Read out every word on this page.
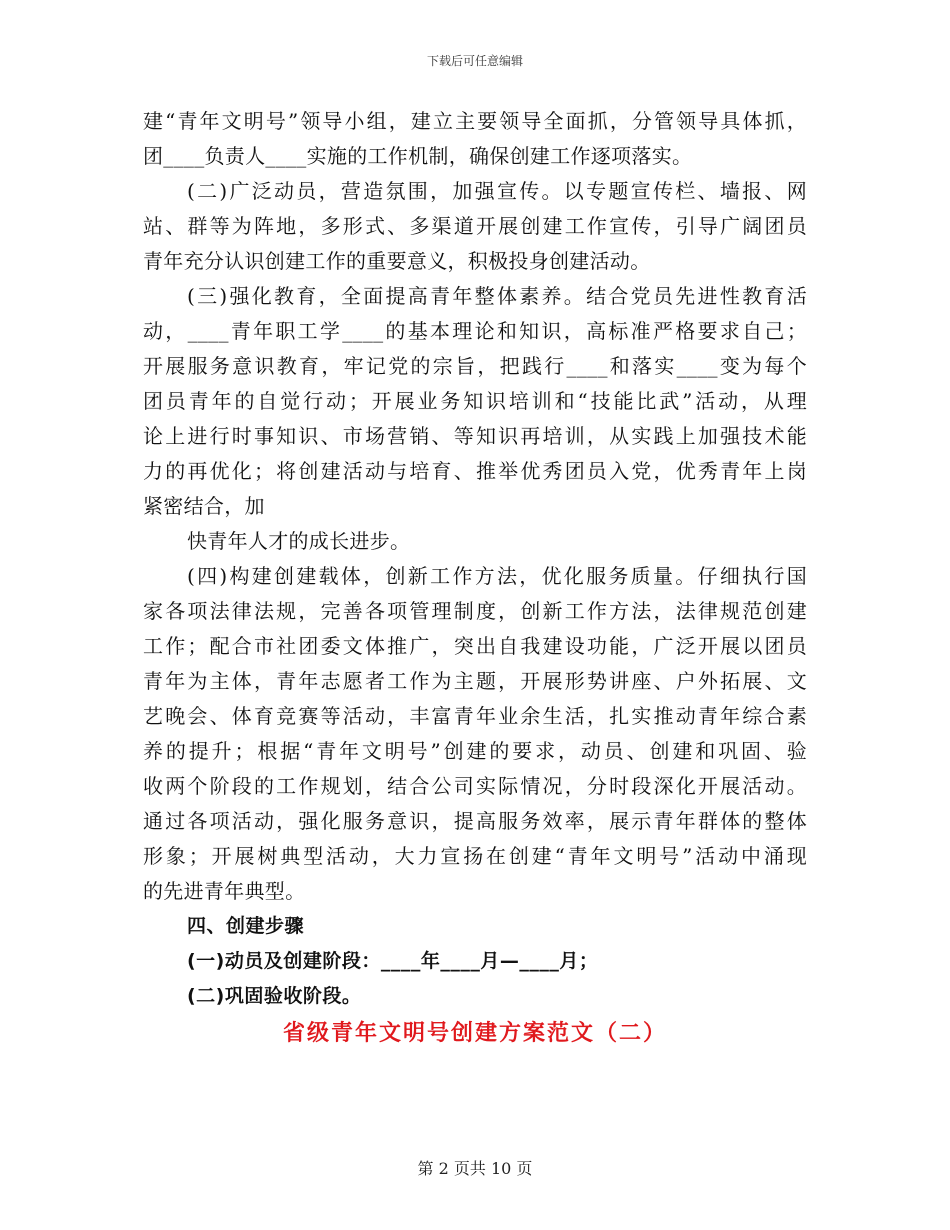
下载后可任意编辑
建“青年文明号”领导小组，建立主要领导全面抓，分管领导具体抓，
团____负责人____实施的工作机制，确保创建工作逐项落实。
(二)广泛动员，营造氛围，加强宣传。以专题宣传栏、墙报、网
站、群等为阵地，多形式、多渠道开展创建工作宣传，引导广阔团员
青年充分认识创建工作的重要意义，积极投身创建活动。
(三)强化教育，全面提高青年整体素养。结合党员先进性教育活
动，____青年职工学____的基本理论和知识，高标准严格要求自己；
开展服务意识教育，牢记党的宗旨，把践行____和落实____变为每个
团员青年的自觉行动；开展业务知识培训和“技能比武”活动，从理
论上进行时事知识、市场营销、等知识再培训，从实践上加强技术能
力的再优化；将创建活动与培育、推举优秀团员入党，优秀青年上岗
紧密结合，加
快青年人才的成长进步。
(四)构建创建载体，创新工作方法，优化服务质量。仔细执行国
家各项法律法规，完善各项管理制度，创新工作方法，法律规范创建
工作；配合市社团委文体推广，突出自我建设功能，广泛开展以团员
青年为主体，青年志愿者工作为主题，开展形势讲座、户外拓展、文
艺晚会、体育竞赛等活动，丰富青年业余生活，扎实推动青年综合素
养的提升；根据“青年文明号”创建的要求，动员、创建和巩固、验
收两个阶段的工作规划，结合公司实际情况，分时段深化开展活动。
通过各项活动，强化服务意识，提高服务效率，展示青年群体的整体
形象；开展树典型活动，大力宣扬在创建“青年文明号”活动中涌现
的先进青年典型。
四、创建步骤
(一)动员及创建阶段：____年____月—____月；
(二)巩固验收阶段。
省级青年文明号创建方案范文（二）
第 2 页共 10 页
